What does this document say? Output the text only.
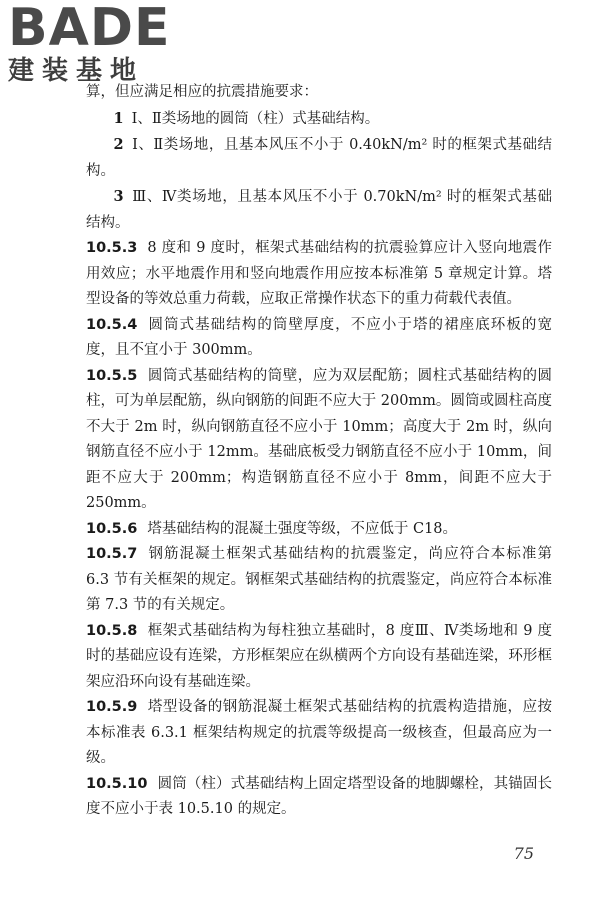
BADE
建装基地

算，但应满足相应的抗震措施要求：

1 Ⅰ、Ⅱ类场地的圆筒（柱）式基础结构。

2 Ⅰ、Ⅱ类场地，且基本风压不小于 0.40kN/m² 时的框架式基础结构。

3 Ⅲ、Ⅳ类场地，且基本风压不小于 0.70kN/m² 时的框架式基础结构。

10.5.3 8 度和 9 度时，框架式基础结构的抗震验算应计入竖向地震作用效应；水平地震作用和竖向地震作用应按本标准第 5 章规定计算。塔型设备的等效总重力荷载，应取正常操作状态下的重力荷载代表值。

10.5.4 圆筒式基础结构的筒壁厚度，不应小于塔的裙座底环板的宽度，且不宜小于 300mm。

10.5.5 圆筒式基础结构的筒壁，应为双层配筋；圆柱式基础结构的圆柱，可为单层配筋，纵向钢筋的间距不应大于 200mm。圆筒或圆柱高度不大于 2m 时，纵向钢筋直径不应小于 10mm；高度大于 2m 时，纵向钢筋直径不应小于 12mm。基础底板受力钢筋直径不应小于 10mm，间距不应大于 200mm；构造钢筋直径不应小于 8mm，间距不应大于 250mm。

10.5.6 塔基础结构的混凝土强度等级，不应低于 C18。

10.5.7 钢筋混凝土框架式基础结构的抗震鉴定，尚应符合本标准第 6.3 节有关框架的规定。钢框架式基础结构的抗震鉴定，尚应符合本标准第 7.3 节的有关规定。

10.5.8 框架式基础结构为每柱独立基础时，8 度Ⅲ、Ⅳ类场地和 9 度时的基础应设有连梁，方形框架应在纵横两个方向设有基础连梁，环形框架应沿环向设有基础连梁。

10.5.9 塔型设备的钢筋混凝土框架式基础结构的抗震构造措施，应按本标准表 6.3.1 框架结构规定的抗震等级提高一级核查，但最高应为一级。

10.5.10 圆筒（柱）式基础结构上固定塔型设备的地脚螺栓，其锚固长度不应小于表 10.5.10 的规定。

75
